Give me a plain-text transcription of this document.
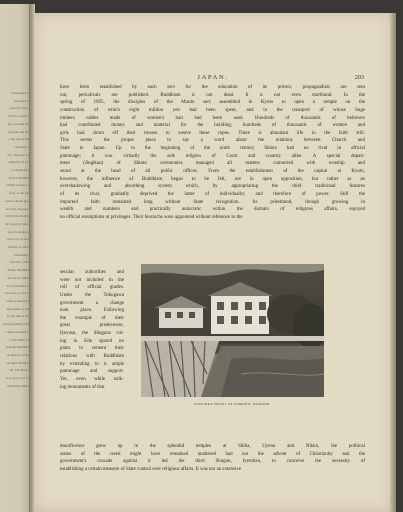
nsiwaddles. It
nd issues in
s just fled away
nor five cases to
hey are meet the
ing tuns and tire
e the soul of the
company, 1
d by Japanese art
ompanies of va-
e is about four
dolls of Buddha
entially inverse to
ferry, to the san
nerai as Kobo gra-
re to the carpenter
mild in the Bodhi-
ed in special tribu-
aroid to judge in
eis to say or seen
siddilits or Jesus
individuals.
shed into a chil
Shinto. Buddhist
ma are not much
nd is abolished in
s the rare to vote in
a line to intervene
ages home, to the
for the sale of the
mong teaching even
a fixed standard to
to the family of
posit the Buddhist
an interest of any
asf quiet the most
ain. The Monto
ts as soon as to be
mal being Shinto
JAPAN.	203
have been established by each sect for the education of its priests; propagandists are sent
out, periodicals are published. Buddhism is not dead. It is not even moribund. In the
spring of 1895, the disciples of the Monto sect assembled in Kyoto to open a temple on the
construction of which eight million yen had been spent, and in the transport of whose huge
timbers cables made of women's hair had been used. Hundreds of thousands of believers
had contributed money and material for the building; hundreds of thousands of women and
girls had shorn off their tresses to weave these ropes. There is abundant life in the faith still.
This seems the proper place to say a word about the relations between Church and
State in Japan. Up to the beginning of the ninth century Shinto had no rival in official
patronage; it was virtually the sole religion of Court and country alike. A special depart-
ment (Jingikan) of Shinto ceremonies managed all matters connected with worship and
stood at the head of all public offices. From the establishment of the capital at Kyoto,
however, the influence of Buddhism began to be felt, not in open opposition, but rather as an
overshadowing and absorbing system which, by appropriating the chief traditional features
of its rival, gradually deprived the latter of individuality and therefore of power. Still the
imported faith remained long without State recognition. Its priesthood, though growing in
wealth and numbers and practically autocratic within the domain of religious affairs, enjoyed
no official exemptions or privileges. Their hierarchs were appointed without reference to the
secular authorities and
were not included in the
roll of official grades.
Under the Tokugawa
government a change
took place. Following
the example of their
great predecessor,
Iyeyasu, the Shoguns cul-
ing in Edo spared no
pains to cement their
relations with Buddhism
by extending to it ample
patronage and support.
Yet, even while strik-
ing monuments of that
FUKUOKA HOTEL AT TOMOYO, HAKONE.
munificence grew up in the splendid temples at Shiba, Uyeno and Nikko, the political
status of the creed might have remained unaltered had not the advent of Christianity and the
government's crusade against it led the third Shogun, Iyemitsu, to conceive the necessity of
establishing a certain measure of State control over religious affairs. It was not an extensive
